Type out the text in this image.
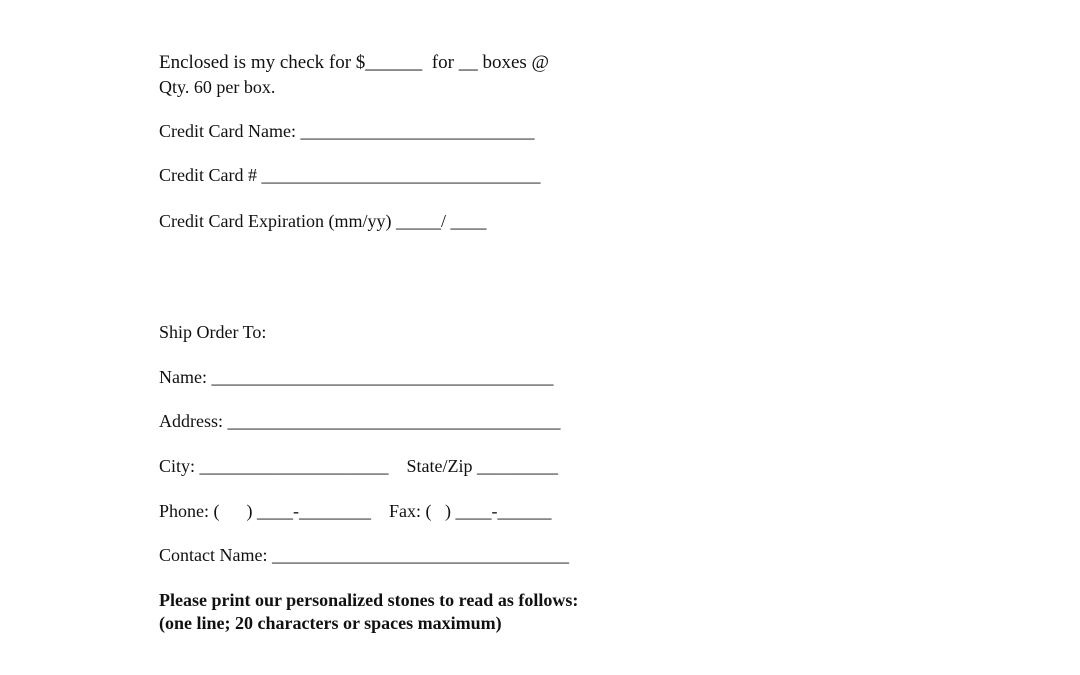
Enclosed is my check for $______  for __ boxes @
Qty. 60 per box.
Credit Card Name: __________________________
Credit Card # _______________________________
Credit Card Expiration (mm/yy) _____/ ____
Ship Order To:
Name: ______________________________________
Address: _____________________________________
City: _____________________    State/Zip _________
Phone: (      ) ____-________    Fax: (   ) ____-______
Contact Name: _________________________________
Please print our personalized stones to read as follows:
(one line; 20 characters or spaces maximum)
